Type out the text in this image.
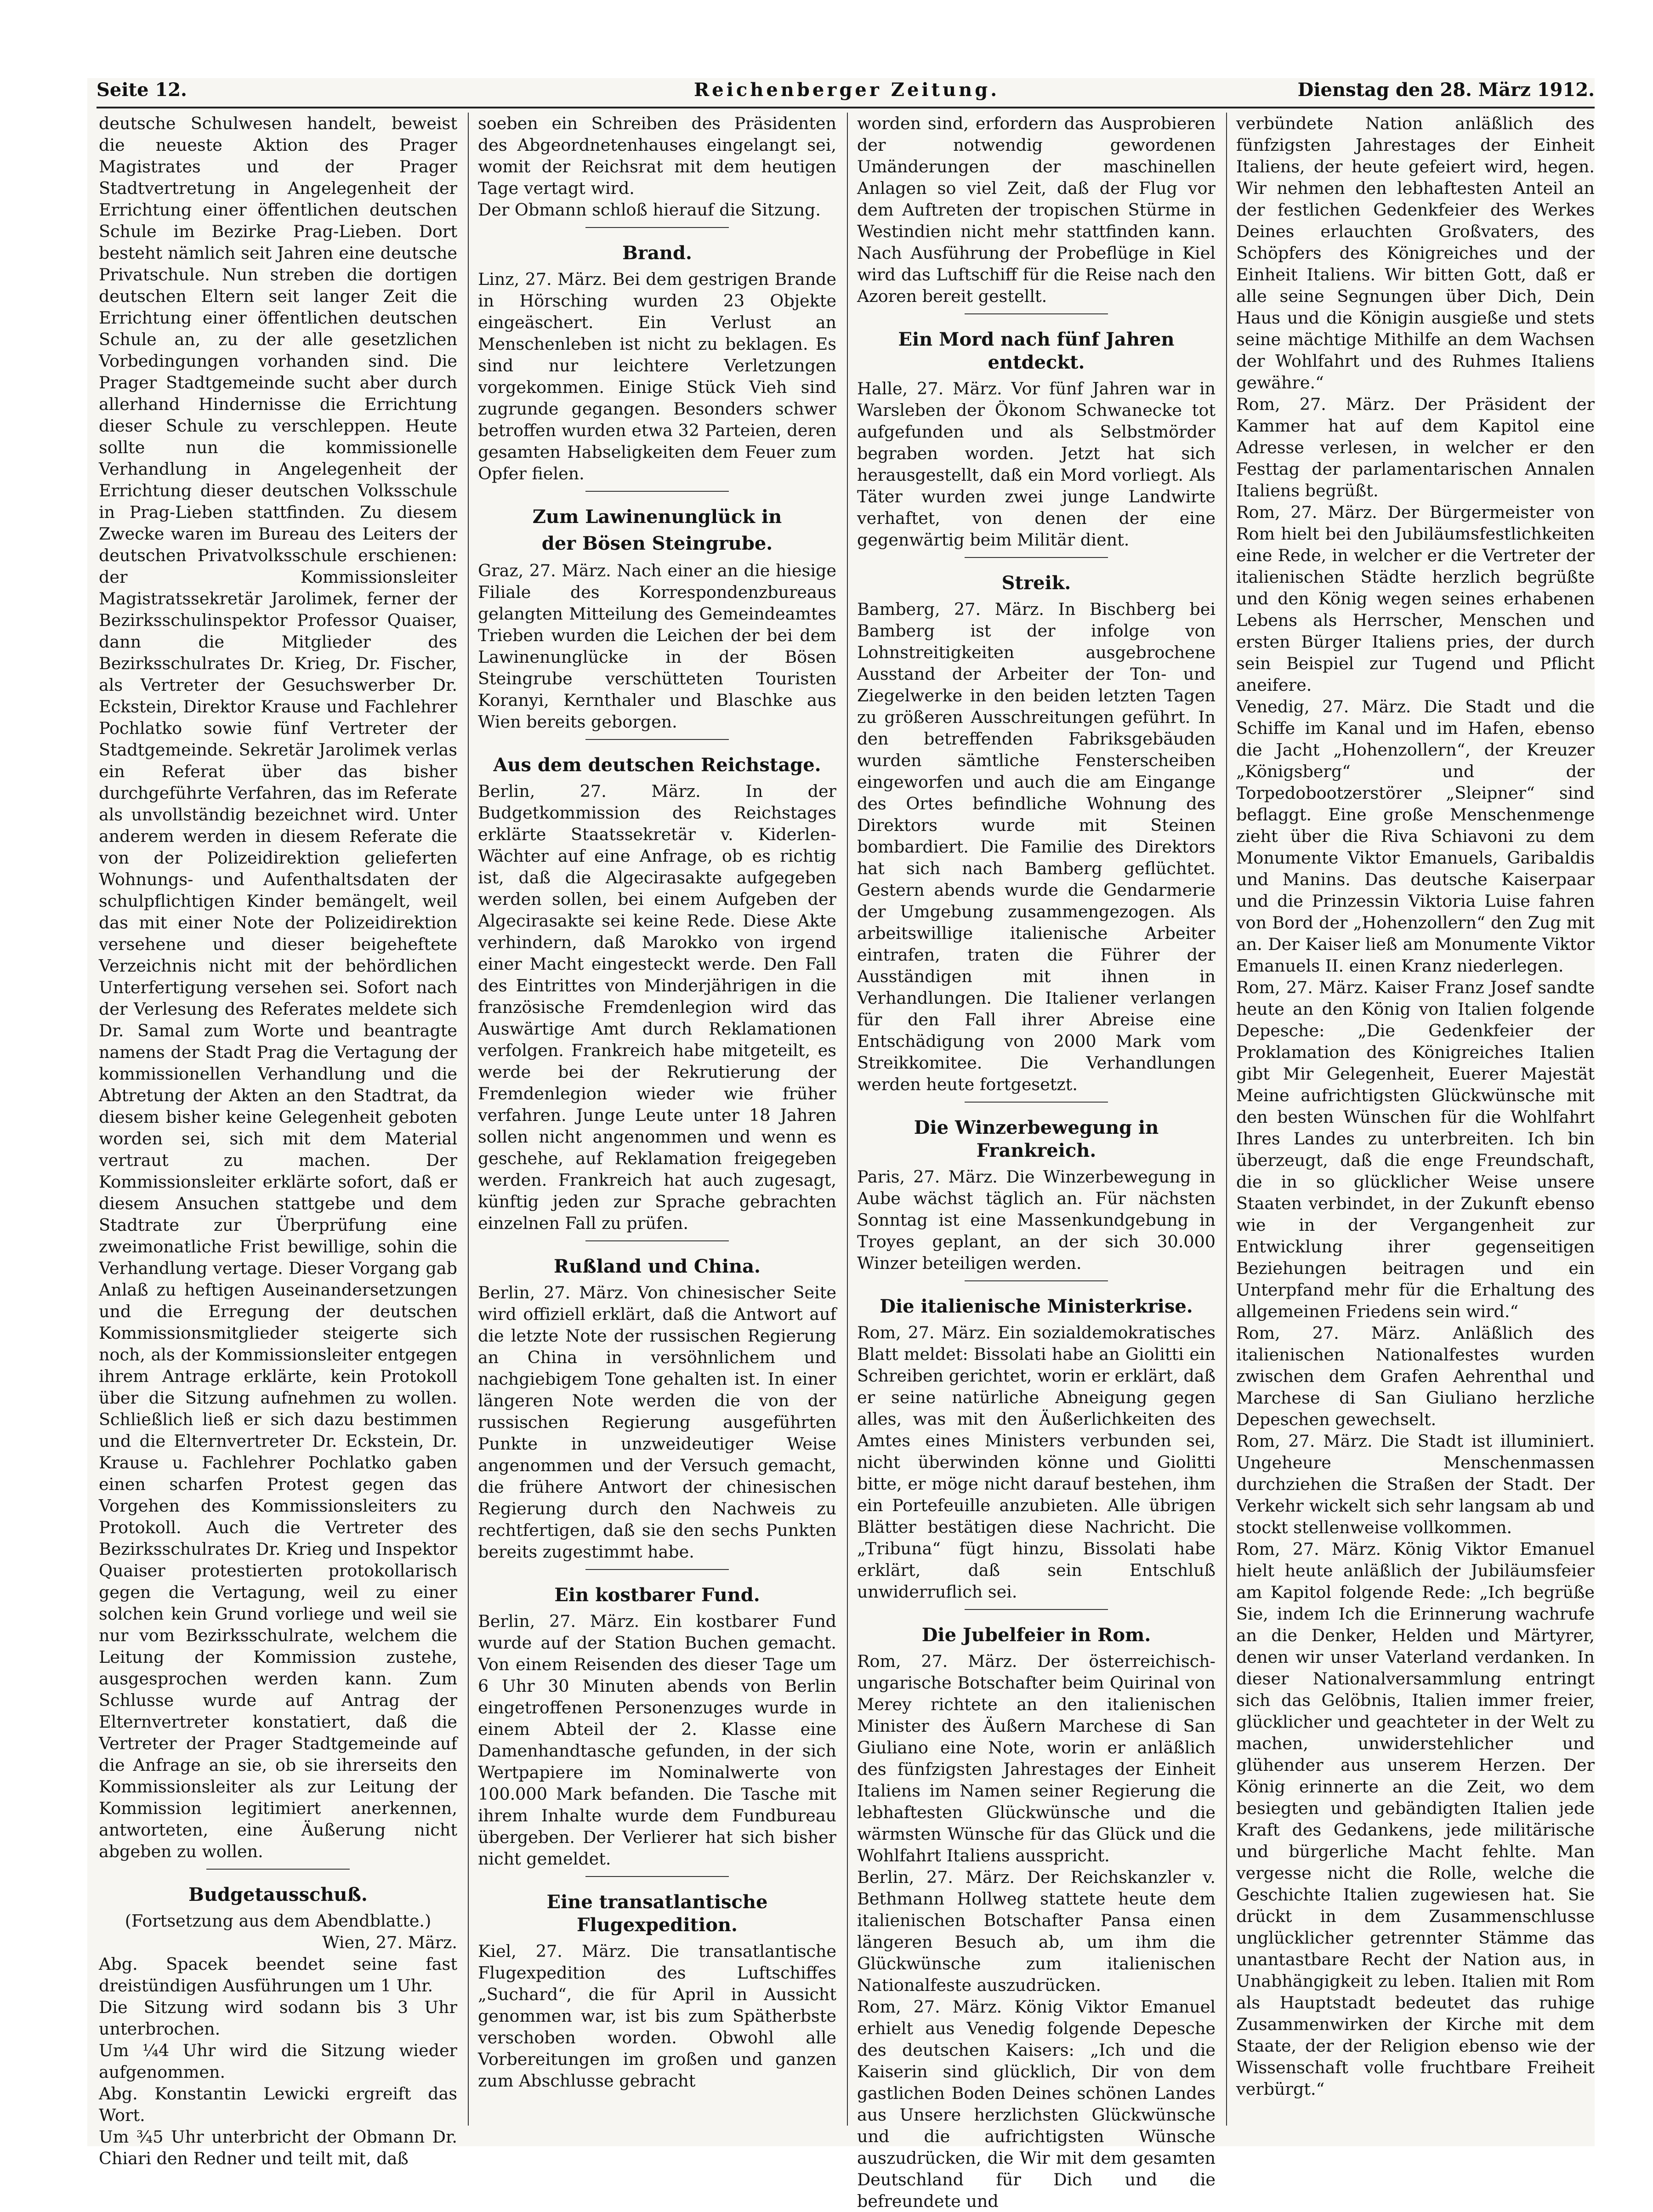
Seite 12.	Reichenberger Zeitung.	Dienstag den 28. März 1912.

deutsche Schulwesen handelt, beweist die neueste Aktion des Prager Magistrates und der Prager Stadtvertretung in Angelegenheit der Errichtung einer öffentlichen deutschen Schule im Bezirke Prag-Lieben. Dort besteht nämlich seit Jahren eine deutsche Privatschule. Nun streben die dortigen deutschen Eltern seit langer Zeit die Errichtung einer öffentlichen deutschen Schule an, zu der alle gesetzlichen Vorbedingungen vorhanden sind. Die Prager Stadtgemeinde sucht aber durch allerhand Hindernisse die Errichtung dieser Schule zu verschleppen. Heute sollte nun die kommissionelle Verhandlung in Angelegenheit der Errichtung dieser deutschen Volksschule in Prag-Lieben stattfinden. Zu diesem Zwecke waren im Bureau des Leiters der deutschen Privatvolksschule erschienen: der Kommissionsleiter Magistratssekretär Jarolimek, ferner der Bezirksschulinspektor Professor Quaiser, dann die Mitglieder des Bezirksschulrates Dr. Krieg, Dr. Fischer, als Vertreter der Gesuchswerber Dr. Eckstein, Direktor Krause und Fachlehrer Pochlatko sowie fünf Vertreter der Stadtgemeinde. Sekretär Jarolimek verlas ein Referat über das bisher durchgeführte Verfahren, das im Referate als unvollständig bezeichnet wird. Unter anderem werden in diesem Referate die von der Polizeidirektion gelieferten Wohnungs- und Aufenthaltsdaten der schulpflichtigen Kinder bemängelt, weil das mit einer Note der Polizeidirektion versehene und dieser beigeheftete Verzeichnis nicht mit der behördlichen Unterfertigung versehen sei. Sofort nach der Verlesung des Referates meldete sich Dr. Samal zum Worte und beantragte namens der Stadt Prag die Vertagung der kommissionellen Verhandlung und die Abtretung der Akten an den Stadtrat, da diesem bisher keine Gelegenheit geboten worden sei, sich mit dem Material vertraut zu machen. Der Kommissionsleiter erklärte sofort, daß er diesem Ansuchen stattgebe und dem Stadtrate zur Überprüfung eine zweimonatliche Frist bewillige, sohin die Verhandlung vertage. Dieser Vorgang gab Anlaß zu heftigen Auseinandersetzungen und die Erregung der deutschen Kommissionsmitglieder steigerte sich noch, als der Kommissionsleiter entgegen ihrem Antrage erklärte, kein Protokoll über die Sitzung aufnehmen zu wollen. Schließlich ließ er sich dazu bestimmen und die Elternvertreter Dr. Eckstein, Dr. Krause u. Fachlehrer Pochlatko gaben einen scharfen Protest gegen das Vorgehen des Kommissionsleiters zu Protokoll. Auch die Vertreter des Bezirksschulrates Dr. Krieg und Inspektor Quaiser protestierten protokollarisch gegen die Vertagung, weil zu einer solchen kein Grund vorliege und weil sie nur vom Bezirksschulrate, welchem die Leitung der Kommission zustehe, ausgesprochen werden kann. Zum Schlusse wurde auf Antrag der Elternvertreter konstatiert, daß die Vertreter der Prager Stadtgemeinde auf die Anfrage an sie, ob sie ihrerseits den Kommissionsleiter als zur Leitung der Kommission legitimiert anerkennen, antworteten, eine Äußerung nicht abgeben zu wollen.

Budgetausschuß.

(Fortsetzung aus dem Abendblatte.)

Wien, 27. März.

Abg. Spacek beendet seine fast dreistündigen Ausführungen um 1 Uhr.

Die Sitzung wird sodann bis 3 Uhr unterbrochen.

Um ¼4 Uhr wird die Sitzung wieder aufgenommen.

Abg. Konstantin Lewicki ergreift das Wort.

Um ¾5 Uhr unterbricht der Obmann Dr. Chiari den Redner und teilt mit, daß

soeben ein Schreiben des Präsidenten des Abgeordnetenhauses eingelangt sei, womit der Reichsrat mit dem heutigen Tage vertagt wird.

Der Obmann schloß hierauf die Sitzung.

Brand.

Linz, 27. März. Bei dem gestrigen Brande in Hörsching wurden 23 Objekte eingeäschert. Ein Verlust an Menschenleben ist nicht zu beklagen. Es sind nur leichtere Verletzungen vorgekommen. Einige Stück Vieh sind zugrunde gegangen. Besonders schwer betroffen wurden etwa 32 Parteien, deren gesamten Habseligkeiten dem Feuer zum Opfer fielen.

Zum Lawinenunglück in
der Bösen Steingrube.

Graz, 27. März. Nach einer an die hiesige Filiale des Korrespondenzbureaus gelangten Mitteilung des Gemeindeamtes Trieben wurden die Leichen der bei dem Lawinenunglücke in der Bösen Steingrube verschütteten Touristen Koranyi, Kernthaler und Blaschke aus Wien bereits geborgen.

Aus dem deutschen Reichstage.

Berlin, 27. März. In der Budgetkommission des Reichstages erklärte Staatssekretär v. Kiderlen-Wächter auf eine Anfrage, ob es richtig ist, daß die Algecirasakte aufgegeben werden sollen, bei einem Aufgeben der Algecirasakte sei keine Rede. Diese Akte verhindern, daß Marokko von irgend einer Macht eingesteckt werde. Den Fall des Eintrittes von Minderjährigen in die französische Fremdenlegion wird das Auswärtige Amt durch Reklamationen verfolgen. Frankreich habe mitgeteilt, es werde bei der Rekrutierung der Fremdenlegion wieder wie früher verfahren. Junge Leute unter 18 Jahren sollen nicht angenommen und wenn es geschehe, auf Reklamation freigegeben werden. Frankreich hat auch zugesagt, künftig jeden zur Sprache gebrachten einzelnen Fall zu prüfen.

Rußland und China.

Berlin, 27. März. Von chinesischer Seite wird offiziell erklärt, daß die Antwort auf die letzte Note der russischen Regierung an China in versöhnlichem und nachgiebigem Tone gehalten ist. In einer längeren Note werden die von der russischen Regierung ausgeführten Punkte in unzweideutiger Weise angenommen und der Versuch gemacht, die frühere Antwort der chinesischen Regierung durch den Nachweis zu rechtfertigen, daß sie den sechs Punkten bereits zugestimmt habe.

Ein kostbarer Fund.

Berlin, 27. März. Ein kostbarer Fund wurde auf der Station Buchen gemacht. Von einem Reisenden des dieser Tage um 6 Uhr 30 Minuten abends von Berlin eingetroffenen Personenzuges wurde in einem Abteil der 2. Klasse eine Damenhandtasche gefunden, in der sich Wertpapiere im Nominalwerte von 100.000 Mark befanden. Die Tasche mit ihrem Inhalte wurde dem Fundbureau übergeben. Der Verlierer hat sich bisher nicht gemeldet.

Eine transatlantische Flugexpedition.

Kiel, 27. März. Die transatlantische Flugexpedition des Luftschiffes „Suchard“, die für April in Aussicht genommen war, ist bis zum Spätherbste verschoben worden. Obwohl alle Vorbereitungen im großen und ganzen zum Abschlusse gebracht

worden sind, erfordern das Ausprobieren der notwendig gewordenen Umänderungen der maschinellen Anlagen so viel Zeit, daß der Flug vor dem Auftreten der tropischen Stürme in Westindien nicht mehr stattfinden kann. Nach Ausführung der Probeflüge in Kiel wird das Luftschiff für die Reise nach den Azoren bereit gestellt.

Ein Mord nach fünf Jahren entdeckt.

Halle, 27. März. Vor fünf Jahren war in Warsleben der Ökonom Schwanecke tot aufgefunden und als Selbstmörder begraben worden. Jetzt hat sich herausgestellt, daß ein Mord vorliegt. Als Täter wurden zwei junge Landwirte verhaftet, von denen der eine gegenwärtig beim Militär dient.

Streik.

Bamberg, 27. März. In Bischberg bei Bamberg ist der infolge von Lohnstreitigkeiten ausgebrochene Ausstand der Arbeiter der Ton- und Ziegelwerke in den beiden letzten Tagen zu größeren Ausschreitungen geführt. In den betreffenden Fabriksgebäuden wurden sämtliche Fensterscheiben eingeworfen und auch die am Eingange des Ortes befindliche Wohnung des Direktors wurde mit Steinen bombardiert. Die Familie des Direktors hat sich nach Bamberg geflüchtet. Gestern abends wurde die Gendarmerie der Umgebung zusammengezogen. Als arbeitswillige italienische Arbeiter eintrafen, traten die Führer der Ausständigen mit ihnen in Verhandlungen. Die Italiener verlangen für den Fall ihrer Abreise eine Entschädigung von 2000 Mark vom Streikkomitee. Die Verhandlungen werden heute fortgesetzt.

Die Winzerbewegung in Frankreich.

Paris, 27. März. Die Winzerbewegung in Aube wächst täglich an. Für nächsten Sonntag ist eine Massenkundgebung in Troyes geplant, an der sich 30.000 Winzer beteiligen werden.

Die italienische Ministerkrise.

Rom, 27. März. Ein sozialdemokratisches Blatt meldet: Bissolati habe an Giolitti ein Schreiben gerichtet, worin er erklärt, daß er seine natürliche Abneigung gegen alles, was mit den Äußerlichkeiten des Amtes eines Ministers verbunden sei, nicht überwinden könne und Giolitti bitte, er möge nicht darauf bestehen, ihm ein Portefeuille anzubieten. Alle übrigen Blätter bestätigen diese Nachricht. Die „Tribuna“ fügt hinzu, Bissolati habe erklärt, daß sein Entschluß unwiderruflich sei.

Die Jubelfeier in Rom.

Rom, 27. März. Der österreichisch-ungarische Botschafter beim Quirinal von Merey richtete an den italienischen Minister des Äußern Marchese di San Giuliano eine Note, worin er anläßlich des fünfzigsten Jahrestages der Einheit Italiens im Namen seiner Regierung die lebhaftesten Glückwünsche und die wärmsten Wünsche für das Glück und die Wohlfahrt Italiens ausspricht.

Berlin, 27. März. Der Reichskanzler v. Bethmann Hollweg stattete heute dem italienischen Botschafter Pansa einen längeren Besuch ab, um ihm die Glückwünsche zum italienischen Nationalfeste auszudrücken.

Rom, 27. März. König Viktor Emanuel erhielt aus Venedig folgende Depesche des deutschen Kaisers: „Ich und die Kaiserin sind glücklich, Dir von dem gastlichen Boden Deines schönen Landes aus Unsere herzlichsten Glückwünsche und die aufrichtigsten Wünsche auszudrücken, die Wir mit dem gesamten Deutschland für Dich und die befreundete und

verbündete Nation anläßlich des fünfzigsten Jahrestages der Einheit Italiens, der heute gefeiert wird, hegen. Wir nehmen den lebhaftesten Anteil an der festlichen Gedenkfeier des Werkes Deines erlauchten Großvaters, des Schöpfers des Königreiches und der Einheit Italiens. Wir bitten Gott, daß er alle seine Segnungen über Dich, Dein Haus und die Königin ausgieße und stets seine mächtige Mithilfe an dem Wachsen der Wohlfahrt und des Ruhmes Italiens gewähre.“

Rom, 27. März. Der Präsident der Kammer hat auf dem Kapitol eine Adresse verlesen, in welcher er den Festtag der parlamentarischen Annalen Italiens begrüßt.

Rom, 27. März. Der Bürgermeister von Rom hielt bei den Jubiläumsfestlichkeiten eine Rede, in welcher er die Vertreter der italienischen Städte herzlich begrüßte und den König wegen seines erhabenen Lebens als Herrscher, Menschen und ersten Bürger Italiens pries, der durch sein Beispiel zur Tugend und Pflicht aneifere.

Venedig, 27. März. Die Stadt und die Schiffe im Kanal und im Hafen, ebenso die Jacht „Hohenzollern“, der Kreuzer „Königsberg“ und der Torpedobootzerstörer „Sleipner“ sind beflaggt. Eine große Menschenmenge zieht über die Riva Schiavoni zu dem Monumente Viktor Emanuels, Garibaldis und Manins. Das deutsche Kaiserpaar und die Prinzessin Viktoria Luise fahren von Bord der „Hohenzollern“ den Zug mit an. Der Kaiser ließ am Monumente Viktor Emanuels II. einen Kranz niederlegen.

Rom, 27. März. Kaiser Franz Josef sandte heute an den König von Italien folgende Depesche: „Die Gedenkfeier der Proklamation des Königreiches Italien gibt Mir Gelegenheit, Euerer Majestät Meine aufrichtigsten Glückwünsche mit den besten Wünschen für die Wohlfahrt Ihres Landes zu unterbreiten. Ich bin überzeugt, daß die enge Freundschaft, die in so glücklicher Weise unsere Staaten verbindet, in der Zukunft ebenso wie in der Vergangenheit zur Entwicklung ihrer gegenseitigen Beziehungen beitragen und ein Unterpfand mehr für die Erhaltung des allgemeinen Friedens sein wird.“

Rom, 27. März. Anläßlich des italienischen Nationalfestes wurden zwischen dem Grafen Aehrenthal und Marchese di San Giuliano herzliche Depeschen gewechselt.

Rom, 27. März. Die Stadt ist illuminiert. Ungeheure Menschenmassen durchziehen die Straßen der Stadt. Der Verkehr wickelt sich sehr langsam ab und stockt stellenweise vollkommen.

Rom, 27. März. König Viktor Emanuel hielt heute anläßlich der Jubiläumsfeier am Kapitol folgende Rede: „Ich begrüße Sie, indem Ich die Erinnerung wachrufe an die Denker, Helden und Märtyrer, denen wir unser Vaterland verdanken. In dieser Nationalversammlung entringt sich das Gelöbnis, Italien immer freier, glücklicher und geachteter in der Welt zu machen, unwiderstehlicher und glühender aus unserem Herzen. Der König erinnerte an die Zeit, wo dem besiegten und gebändigten Italien jede Kraft des Gedankens, jede militärische und bürgerliche Macht fehlte. Man vergesse nicht die Rolle, welche die Geschichte Italien zugewiesen hat. Sie drückt in dem Zusammenschlusse unglücklicher getrennter Stämme das unantastbare Recht der Nation aus, in Unabhängigkeit zu leben. Italien mit Rom als Hauptstadt bedeutet das ruhige Zusammenwirken der Kirche mit dem Staate, der der Religion ebenso wie der Wissenschaft volle fruchtbare Freiheit verbürgt.“
